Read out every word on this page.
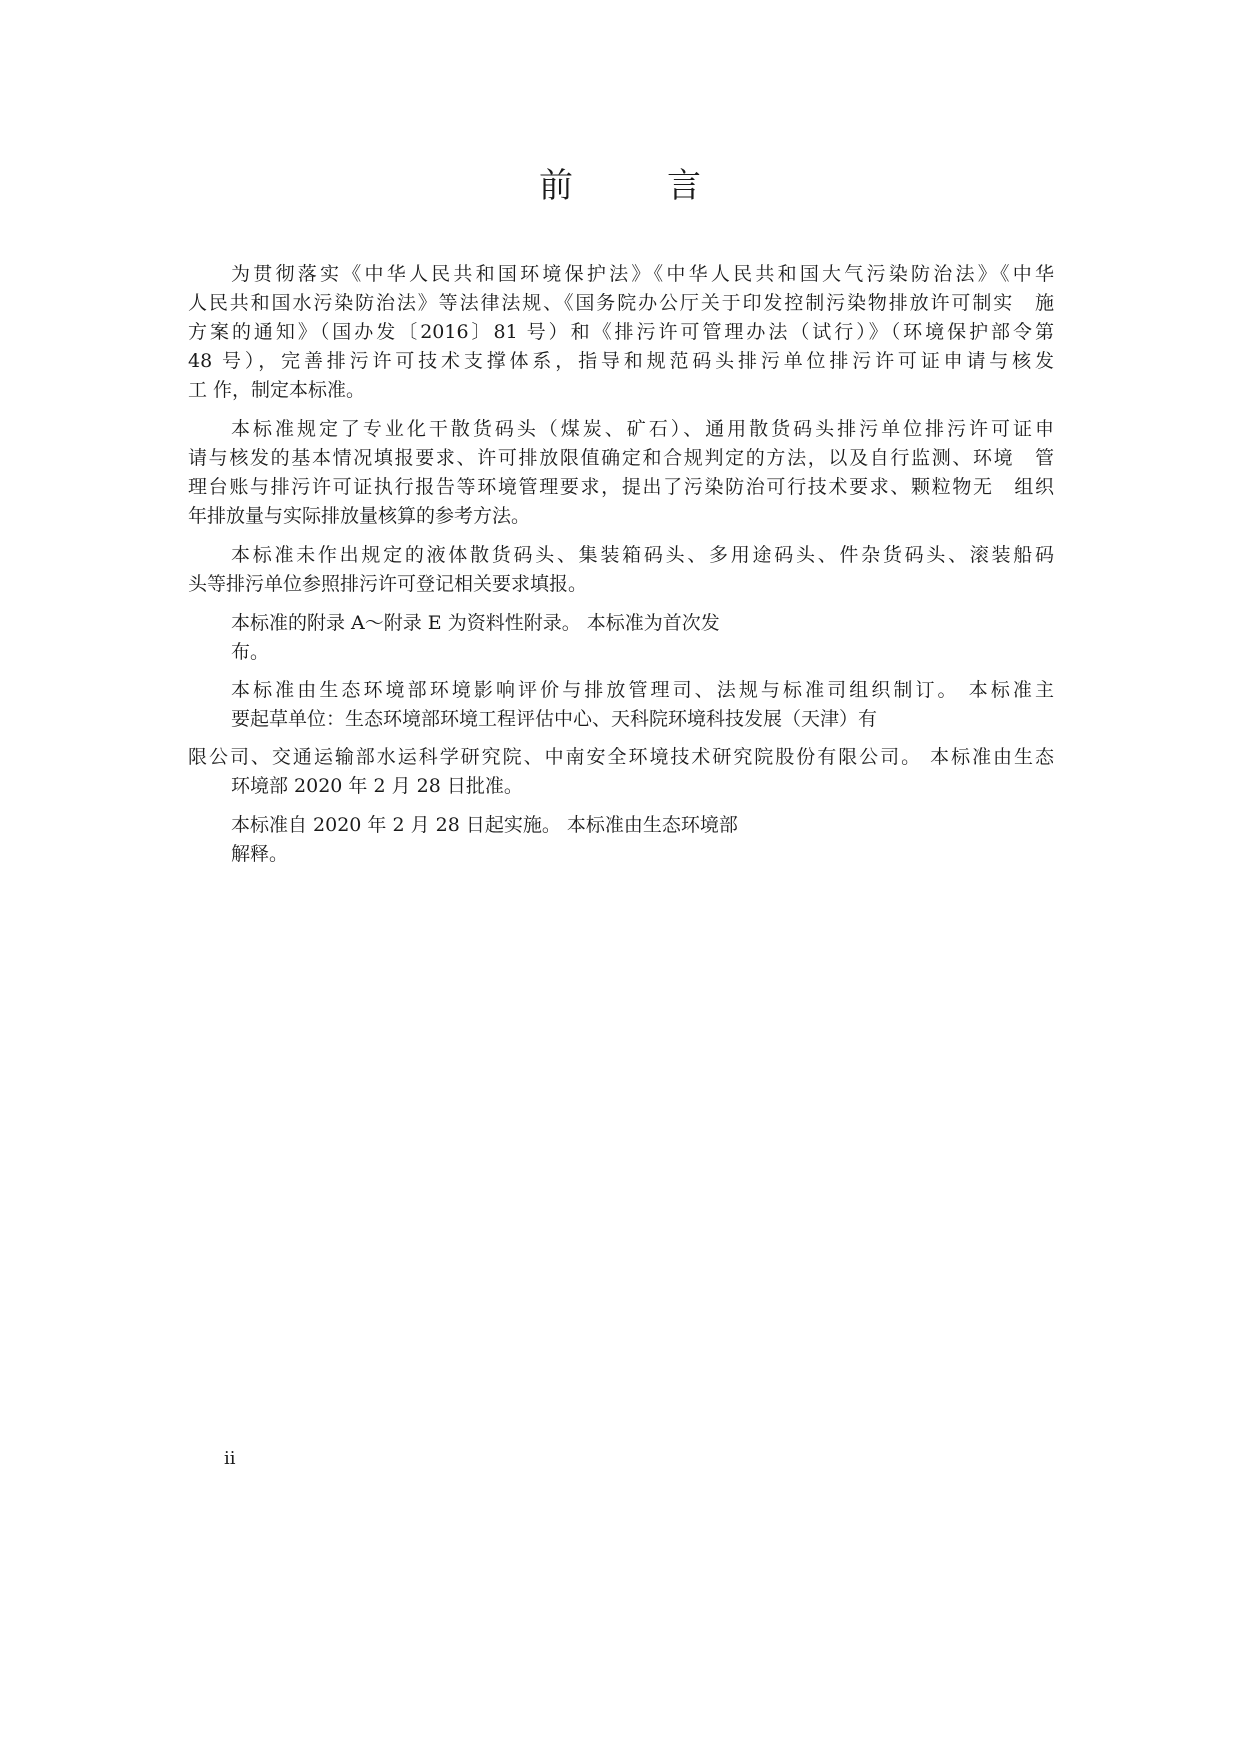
前　言
为贯彻落实《中华人民共和国环境保护法》《中华人民共和国大气污染防治法》《中华
人民共和国水污染防治法》等法律法规、《国务院办公厅关于印发控制污染物排放许可制实　施
方案的通知》（国办发〔2016〕81 号）和《排污许可管理办法（试行）》（环境保护部令第
48 号），完善排污许可技术支撑体系，指导和规范码头排污单位排污许可证申请与核发
工 作，制定本标准。
本标准规定了专业化干散货码头（煤炭、矿石）、通用散货码头排污单位排污许可证申
请与核发的基本情况填报要求、许可排放限值确定和合规判定的方法，以及自行监测、环境　管
理台账与排污许可证执行报告等环境管理要求，提出了污染防治可行技术要求、颗粒物无　组织
年排放量与实际排放量核算的参考方法。
本标准未作出规定的液体散货码头、集装箱码头、多用途码头、件杂货码头、滚装船码
头等排污单位参照排污许可登记相关要求填报。
本标准的附录 A～附录 E 为资料性附录。 本标准为首次发
布。
本标准由生态环境部环境影响评价与排放管理司、法规与标准司组织制订。 本标准主
要起草单位：生态环境部环境工程评估中心、天科院环境科技发展（天津）有
限公司、交通运输部水运科学研究院、中南安全环境技术研究院股份有限公司。 本标准由生态
环境部 2020 年 2 月 28 日批准。
本标准自 2020 年 2 月 28 日起实施。 本标准由生态环境部
解释。
ii
